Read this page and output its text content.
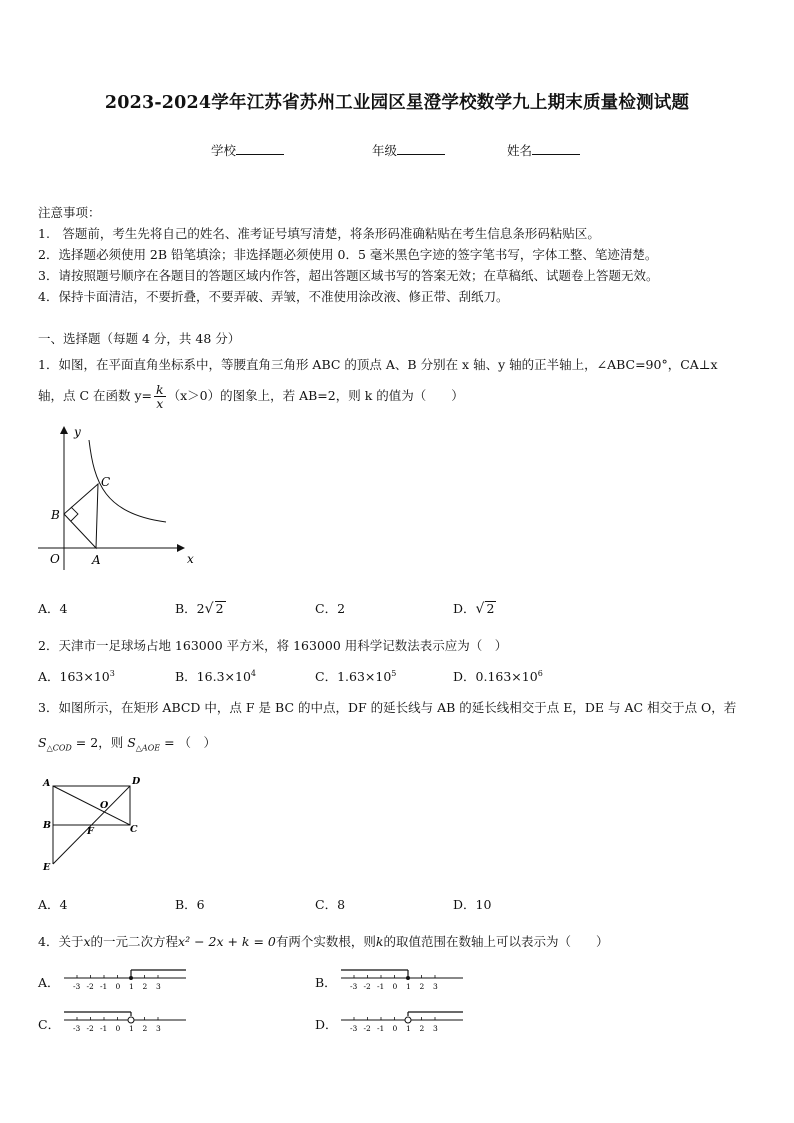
2023-2024学年江苏省苏州工业园区星澄学校数学九上期末质量检测试题
学校	年级	姓名
注意事项：
1.　答题前，考生先将自己的姓名、准考证号填写清楚，将条形码准确粘贴在考生信息条形码粘贴区。
2．选择题必须使用 2B 铅笔填涂；非选择题必须使用 0．5 毫米黑色字迹的签字笔书写，字体工整、笔迹清楚。
3．请按照题号顺序在各题目的答题区域内作答，超出答题区域书写的答案无效；在草稿纸、试题卷上答题无效。
4．保持卡面清洁，不要折叠，不要弄破、弄皱，不准使用涂改液、修正带、刮纸刀。
一、选择题（每题 4 分，共 48 分）
1．如图，在平面直角坐标系中，等腰直角三角形 ABC 的顶点 A、B 分别在 x 轴、y 轴的正半轴上，∠ABC=90°，CA⊥x
轴，点 C 在函数 $y= \frac{k}{x} (x>0)$的图象上，若 AB=2，则 k 的值为（　　）
y
x
O	A
B
C
A．4	B．2√ 2	C．2	D．√ 2
2．天津市一足球场占地 163000 平方米，将 163000 用科学记数法表示应为（　）
A．$163\times 10^3$	B．$16.3\times 10^4$	C．$1.63\times 10^5$	D．$0.163\times 10^6$
3．如图所示，在矩形 ABCD 中，点 F 是 BC 的中点，DF 的延长线与 AB 的延长线相交于点 E，DE 与 AC 相交于点 O，若
$S_{\triangle COD} = 2$，则 $S_{\triangle AOE}$ = （　）
A	D
B	C
O
F
E
A．4	B．6	C．8	D．10
4．关于x的一元二次方程x² − 2x + k = 0有两个实数根，则k的取值范围在数轴上可以表示为（　　）
A．	B．
C．	D．
-3 -2 -1 0 1 2 3	-3 -2 -1 0 1 2 3
-3 -2 -1 0 1 2 3	-3 -2 -1 0 1 2 3
